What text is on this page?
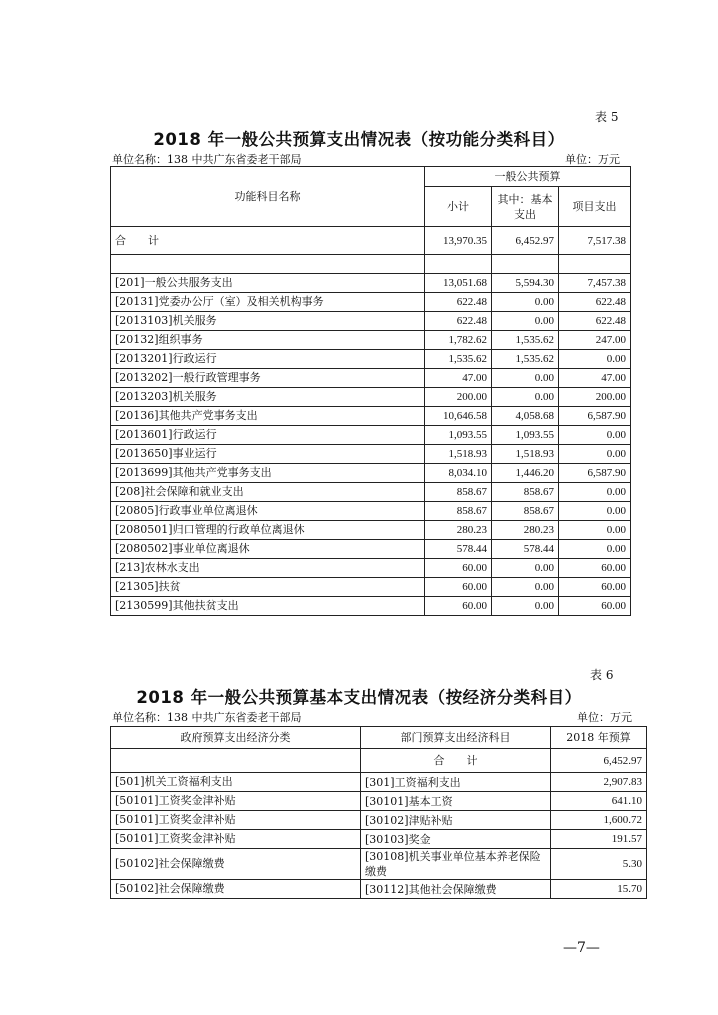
表 5
2018 年一般公共预算支出情况表（按功能分类科目）
单位名称：138 中共广东省委老干部局	单位：万元
功能科目名称	一般公共预算		
	小计	其中：基本支出	项目支出
合　　计	13,970.35	6,452.97	7,517.38

[201]一般公共服务支出	13,051.68	5,594.30	7,457.38
[20131]党委办公厅（室）及相关机构事务	622.48	0.00	622.48
[2013103]机关服务	622.48	0.00	622.48
[20132]组织事务	1,782.62	1,535.62	247.00
[2013201]行政运行	1,535.62	1,535.62	0.00
[2013202]一般行政管理事务	47.00	0.00	47.00
[2013203]机关服务	200.00	0.00	200.00
[20136]其他共产党事务支出	10,646.58	4,058.68	6,587.90
[2013601]行政运行	1,093.55	1,093.55	0.00
[2013650]事业运行	1,518.93	1,518.93	0.00
[2013699]其他共产党事务支出	8,034.10	1,446.20	6,587.90
[208]社会保障和就业支出	858.67	858.67	0.00
[20805]行政事业单位离退休	858.67	858.67	0.00
[2080501]归口管理的行政单位离退休	280.23	280.23	0.00
[2080502]事业单位离退休	578.44	578.44	0.00
[213]农林水支出	60.00	0.00	60.00
[21305]扶贫	60.00	0.00	60.00
[2130599]其他扶贫支出	60.00	0.00	60.00
表 6
2018 年一般公共预算基本支出情况表（按经济分类科目）
单位名称：138 中共广东省委老干部局	单位：万元
政府预算支出经济分类	部门预算支出经济科目	2018 年预算
	合　　计	6,452.97
[501]机关工资福利支出	[301]工资福利支出	2,907.83
[50101]工资奖金津补贴	[30101]基本工资	641.10
[50101]工资奖金津补贴	[30102]津贴补贴	1,600.72
[50101]工资奖金津补贴	[30103]奖金	191.57
[50102]社会保障缴费	[30108]机关事业单位基本养老保险缴费	5.30
[50102]社会保障缴费	[30112]其他社会保障缴费	15.70
—7—
